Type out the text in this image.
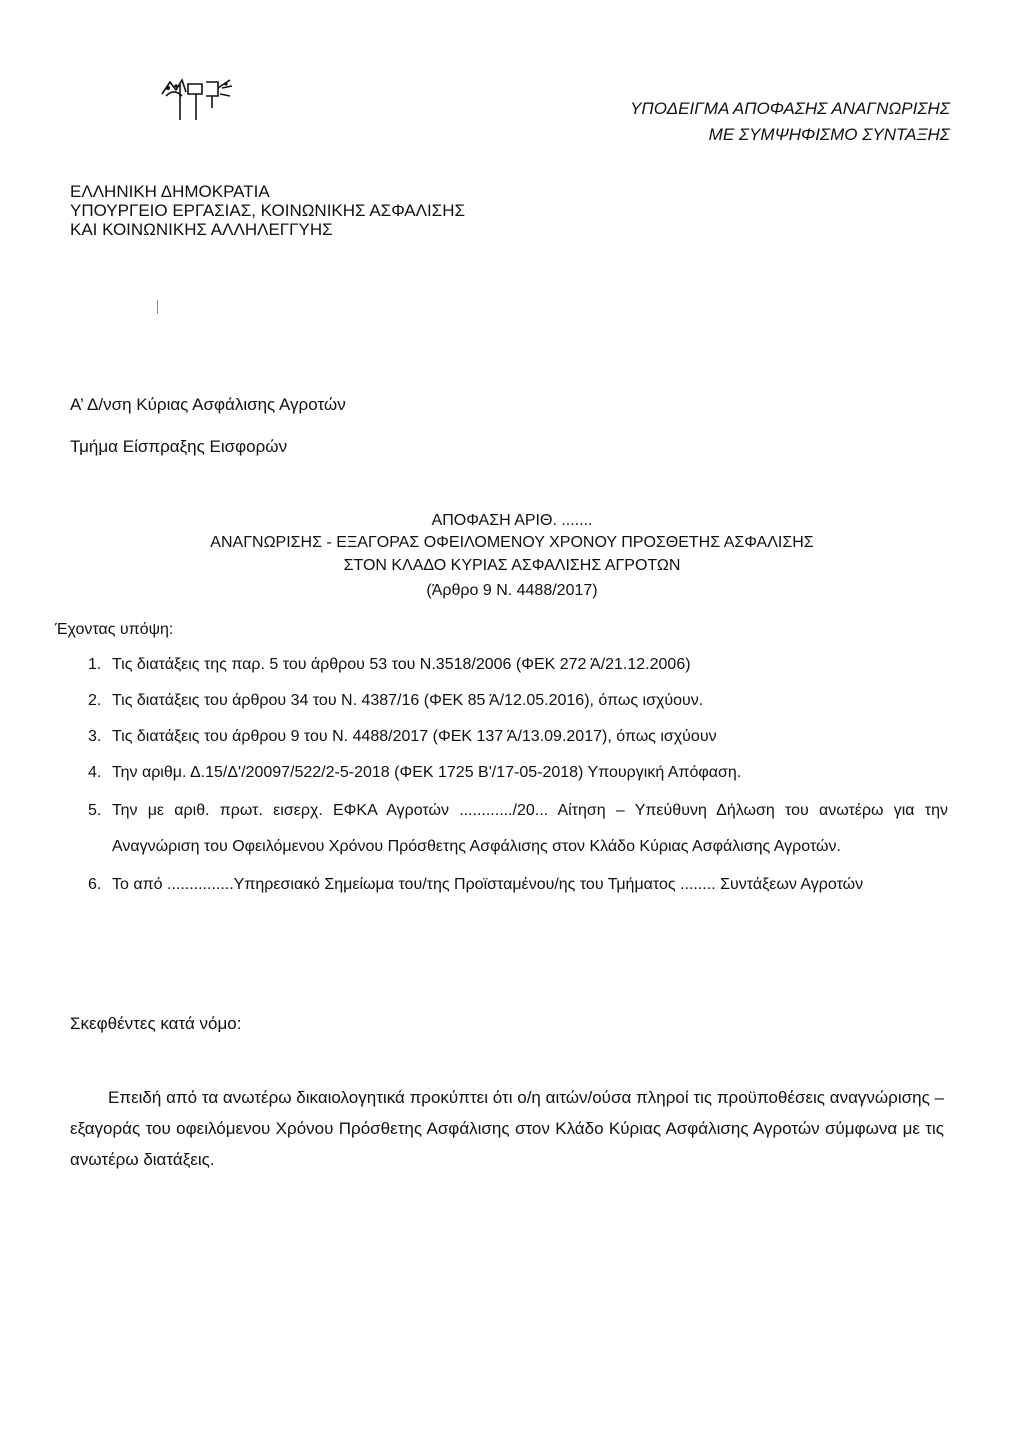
ΥΠΟΔΕΙΓΜΑ ΑΠΟΦΑΣΗΣ ΑΝΑΓΝΩΡΙΣΗΣ
ΜΕ ΣΥΜΨΗΦΙΣΜΟ ΣΥΝΤΑΞΗΣ
ΕΛΛΗΝΙΚΗ ΔΗΜΟΚΡΑΤΙΑ
ΥΠΟΥΡΓΕΙΟ ΕΡΓΑΣΙΑΣ, ΚΟΙΝΩΝΙΚΗΣ ΑΣΦΑΛΙΣΗΣ
ΚΑΙ ΚΟΙΝΩΝΙΚΗΣ ΑΛΛΗΛΕΓΓΥΗΣ
Α’ Δ/νση Κύριας Ασφάλισης Αγροτών
Τμήμα Είσπραξης Εισφορών
ΑΠΟΦΑΣΗ ΑΡΙΘ. .......
ΑΝΑΓΝΩΡΙΣΗΣ - ΕΞΑΓΟΡΑΣ ΟΦΕΙΛΟΜΕΝΟΥ ΧΡΟΝΟΥ ΠΡΟΣΘΕΤΗΣ ΑΣΦΑΛΙΣΗΣ
ΣΤΟΝ ΚΛΑΔΟ ΚΥΡΙΑΣ ΑΣΦΑΛΙΣΗΣ ΑΓΡΟΤΩΝ
(Άρθρο 9 Ν. 4488/2017)
Έχοντας υπόψη:
1. Τις διατάξεις της παρ. 5 του άρθρου 53 του Ν.3518/2006 (ΦΕΚ 272 Ά/21.12.2006)
2. Τις διατάξεις του άρθρου 34 του Ν. 4387/16 (ΦΕΚ 85 Ά/12.05.2016), όπως ισχύουν.
3. Τις διατάξεις του άρθρου 9 του Ν. 4488/2017 (ΦΕΚ 137 Ά/13.09.2017), όπως ισχύουν
4. Την αριθμ. Δ.15/Δ'/20097/522/2-5-2018 (ΦΕΚ 1725 Β'/17-05-2018) Υπουργική Απόφαση.
5. Την με αριθ. πρωτ. εισερχ. ΕΦΚΑ Αγροτών ............/20... Αίτηση – Υπεύθυνη Δήλωση του ανωτέρω για την Αναγνώριση του Οφειλόμενου Χρόνου Πρόσθετης Ασφάλισης στον Κλάδο Κύριας Ασφάλισης Αγροτών.
6. Το από ...............Υπηρεσιακό Σημείωμα του/της Προϊσταμένου/ης του Τμήματος ........ Συντάξεων Αγροτών
Σκεφθέντες κατά νόμο:
Επειδή από τα ανωτέρω δικαιολογητικά προκύπτει ότι ο/η αιτών/ούσα πληροί τις προϋποθέσεις αναγνώρισης – εξαγοράς του οφειλόμενου Χρόνου Πρόσθετης Ασφάλισης στον Κλάδο Κύριας Ασφάλισης Αγροτών σύμφωνα με τις ανωτέρω διατάξεις.
